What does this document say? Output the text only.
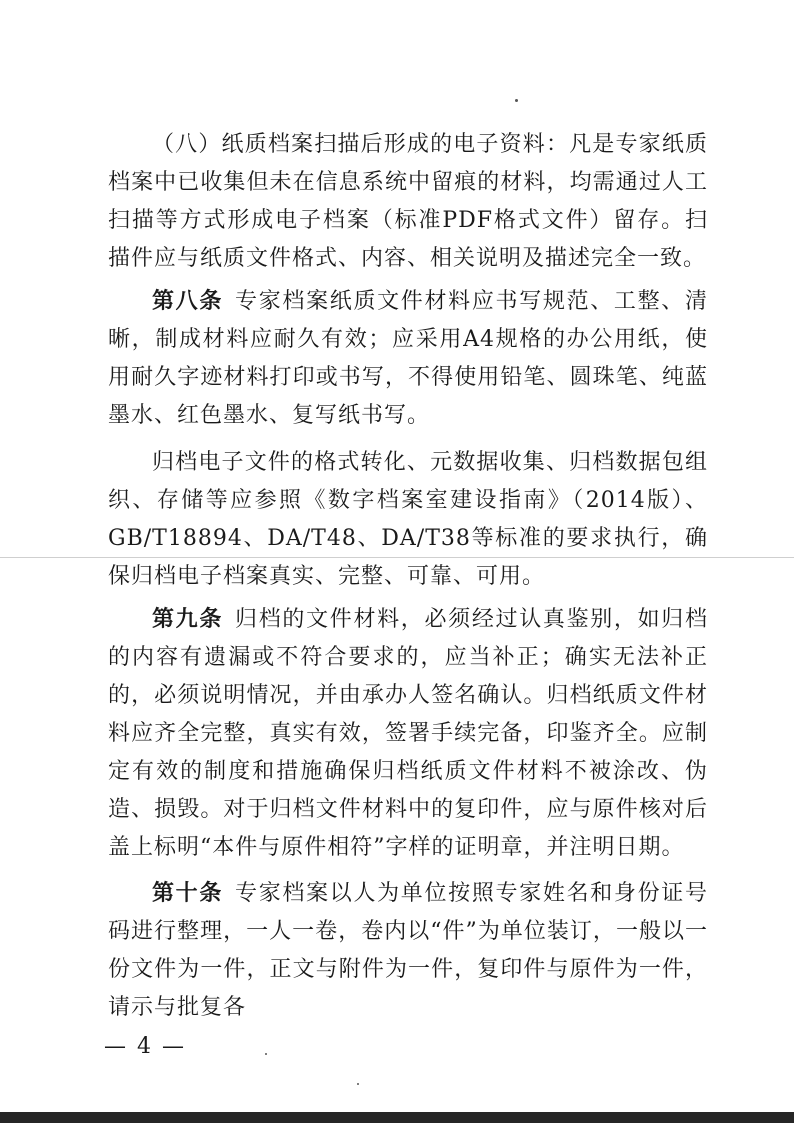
（八）纸质档案扫描后形成的电子资料：凡是专家纸质档案中已收集但未在信息系统中留痕的材料，均需通过人工扫描等方式形成电子档案（标准PDF格式文件）留存。扫描件应与纸质文件格式、内容、相关说明及描述完全一致。

第八条 专家档案纸质文件材料应书写规范、工整、清晰，制成材料应耐久有效；应采用A4规格的办公用纸，使用耐久字迹材料打印或书写，不得使用铅笔、圆珠笔、纯蓝墨水、红色墨水、复写纸书写。

归档电子文件的格式转化、元数据收集、归档数据包组织、存储等应参照《数字档案室建设指南》（2014版）、GB/T18894、DA/T48、DA/T38等标准的要求执行，确保归档电子档案真实、完整、可靠、可用。

第九条 归档的文件材料，必须经过认真鉴别，如归档的内容有遗漏或不符合要求的，应当补正；确实无法补正的，必须说明情况，并由承办人签名确认。归档纸质文件材料应齐全完整，真实有效，签署手续完备，印鉴齐全。应制定有效的制度和措施确保归档纸质文件材料不被涂改、伪造、损毁。对于归档文件材料中的复印件，应与原件核对后盖上标明“本件与原件相符”字样的证明章，并注明日期。

第十条 专家档案以人为单位按照专家姓名和身份证号码进行整理，一人一卷，卷内以“件”为单位装订，一般以一份文件为一件，正文与附件为一件，复印件与原件为一件，请示与批复各

— 4 —
